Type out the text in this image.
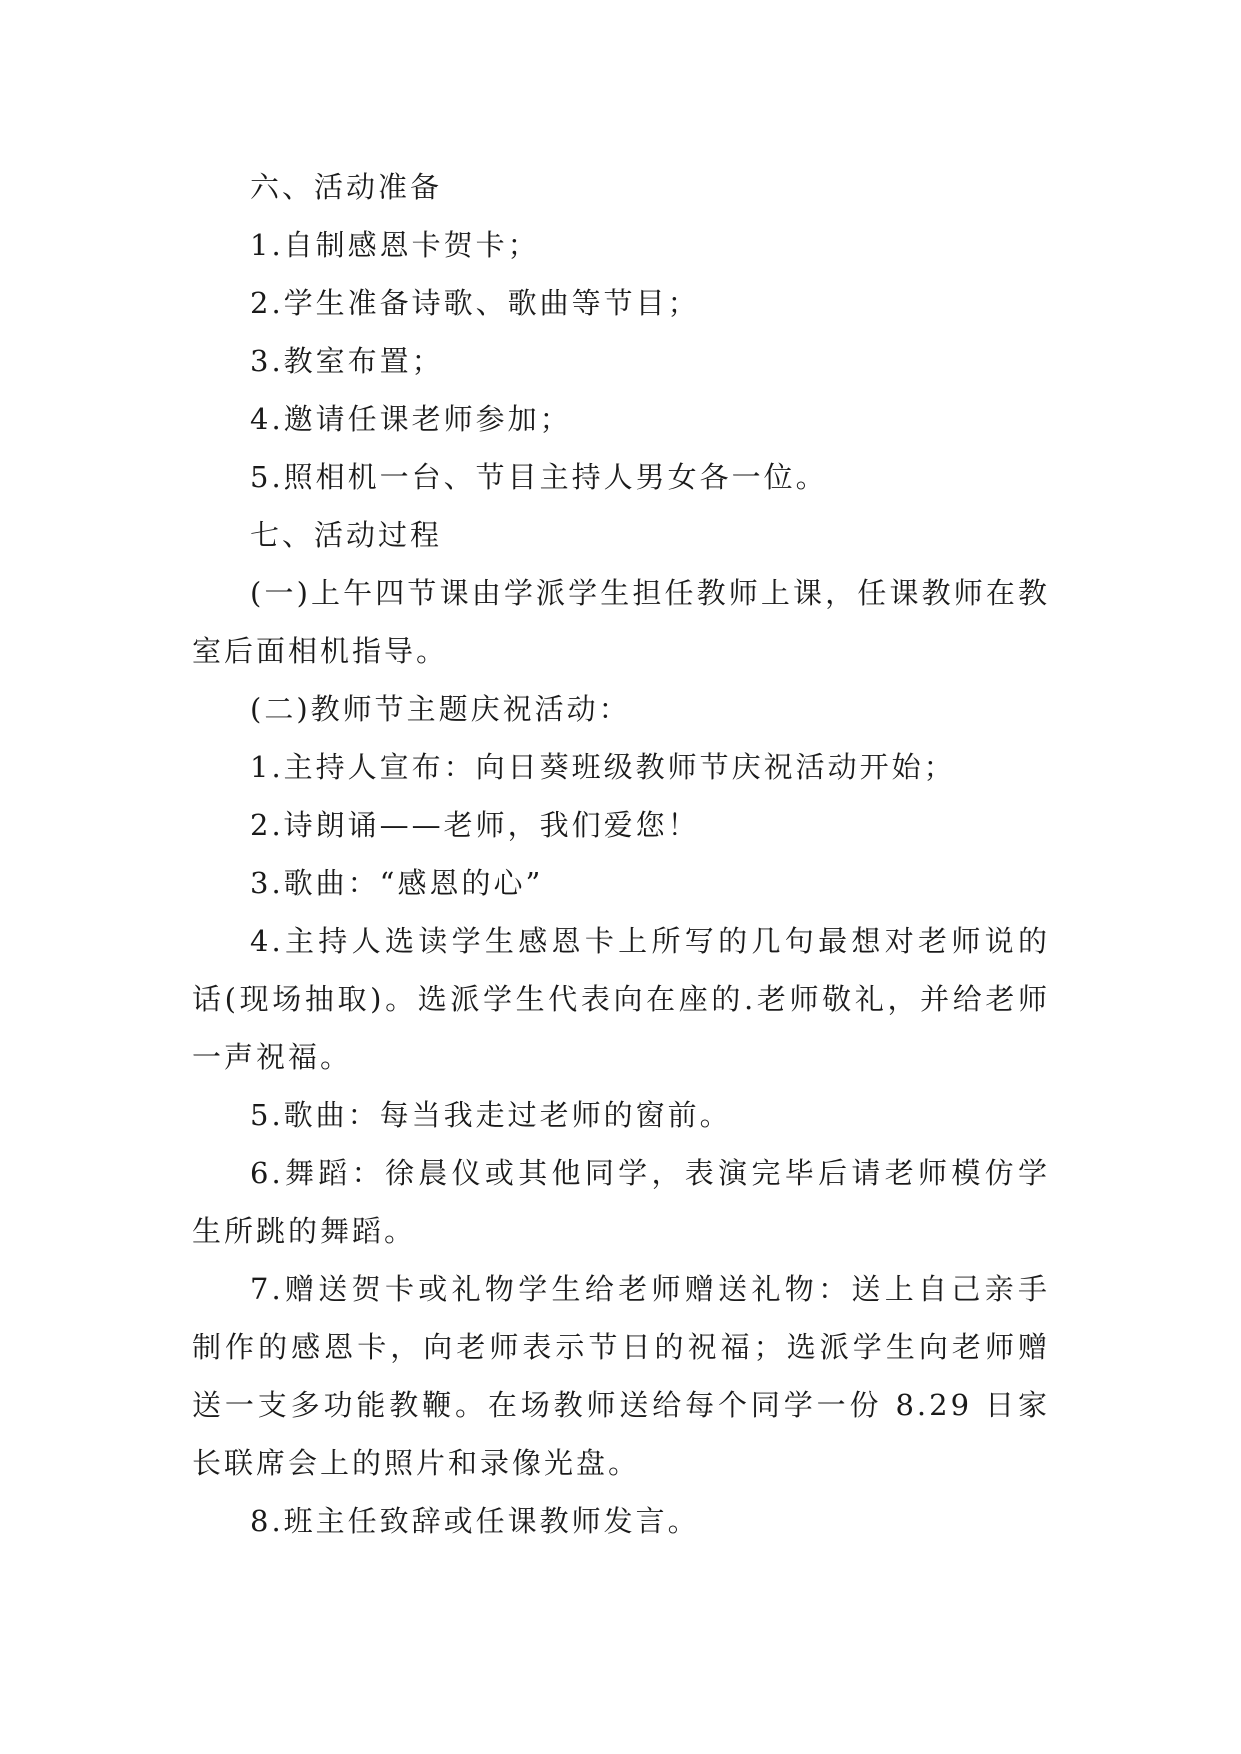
六、活动准备

1.自制感恩卡贺卡；

2.学生准备诗歌、歌曲等节目；

3.教室布置；

4.邀请任课老师参加；

5.照相机一台、节目主持人男女各一位。

七、活动过程

(一)上午四节课由学派学生担任教师上课，任课教师在教室后面相机指导。

(二)教师节主题庆祝活动：

1.主持人宣布：向日葵班级教师节庆祝活动开始；

2.诗朗诵——老师，我们爱您！

3.歌曲：“感恩的心”

4.主持人选读学生感恩卡上所写的几句最想对老师说的话(现场抽取)。选派学生代表向在座的.老师敬礼，并给老师一声祝福。

5.歌曲：每当我走过老师的窗前。

6.舞蹈：徐晨仪或其他同学，表演完毕后请老师模仿学生所跳的舞蹈。

7.赠送贺卡或礼物学生给老师赠送礼物：送上自己亲手制作的感恩卡，向老师表示节日的祝福；选派学生向老师赠送一支多功能教鞭。在场教师送给每个同学一份 8.29 日家长联席会上的照片和录像光盘。

8.班主任致辞或任课教师发言。
